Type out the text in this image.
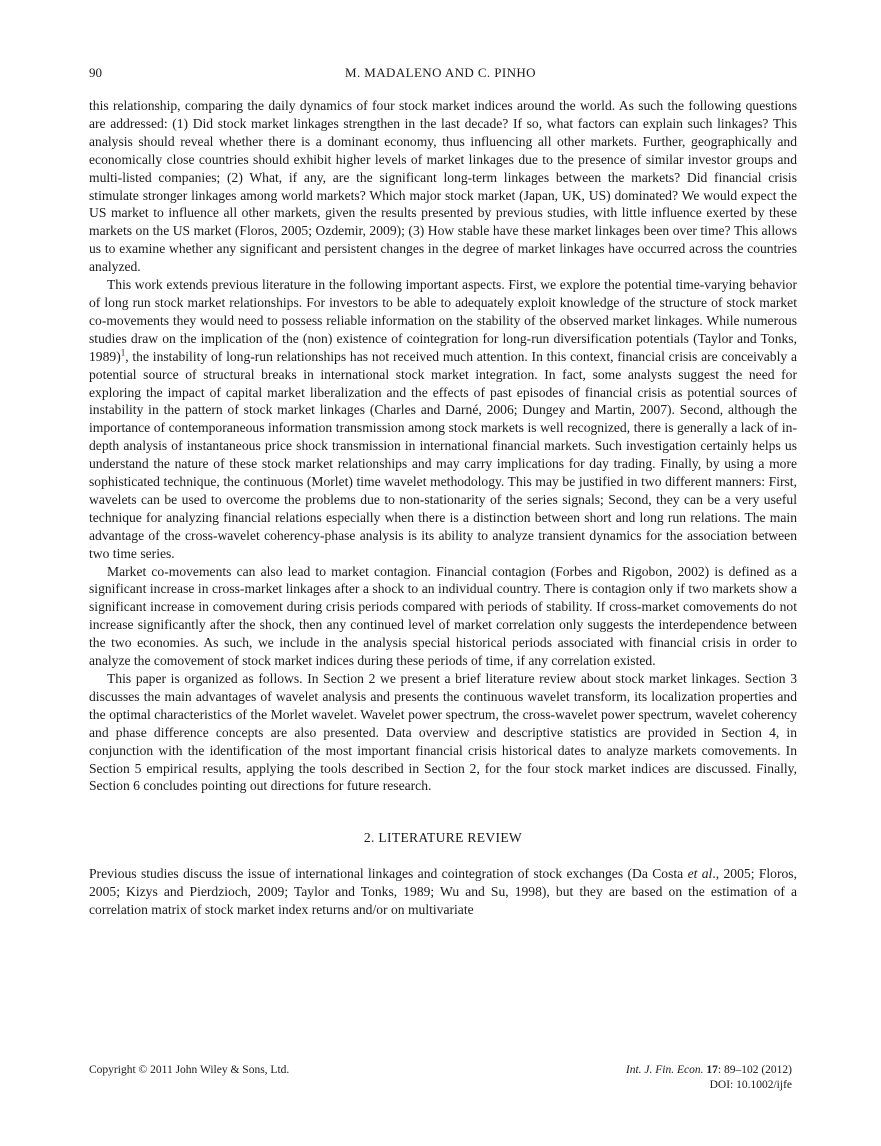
90	M. MADALENO AND C. PINHO

this relationship, comparing the daily dynamics of four stock market indices around the world. As such the following questions are addressed: (1) Did stock market linkages strengthen in the last decade? If so, what factors can explain such linkages? This analysis should reveal whether there is a dominant economy, thus influencing all other markets. Further, geographically and economically close countries should exhibit higher levels of market linkages due to the presence of similar investor groups and multi-listed companies; (2) What, if any, are the significant long-term linkages between the markets? Did financial crisis stimulate stronger linkages among world markets? Which major stock market (Japan, UK, US) dominated? We would expect the US market to influence all other markets, given the results presented by previous studies, with little influence exerted by these markets on the US market (Floros, 2005; Ozdemir, 2009); (3) How stable have these market linkages been over time? This allows us to examine whether any significant and persistent changes in the degree of market linkages have occurred across the countries analyzed.

This work extends previous literature in the following important aspects. First, we explore the potential time-varying behavior of long run stock market relationships. For investors to be able to adequately exploit knowledge of the structure of stock market co-movements they would need to possess reliable information on the stability of the observed market linkages. While numerous studies draw on the implication of the (non) existence of cointegration for long-run diversification potentials (Taylor and Tonks, 1989)$^1$, the instability of long-run relationships has not received much attention. In this context, financial crisis are conceivably a potential source of structural breaks in international stock market integration. In fact, some analysts suggest the need for exploring the impact of capital market liberalization and the effects of past episodes of financial crisis as potential sources of instability in the pattern of stock market linkages (Charles and Darné, 2006; Dungey and Martin, 2007). Second, although the importance of contemporaneous information transmission among stock markets is well recognized, there is generally a lack of in-depth analysis of instantaneous price shock transmission in international financial markets. Such investigation certainly helps us understand the nature of these stock market relationships and may carry implications for day trading. Finally, by using a more sophisticated technique, the continuous (Morlet) time wavelet methodology. This may be justified in two different manners: First, wavelets can be used to overcome the problems due to non-stationarity of the series signals; Second, they can be a very useful technique for analyzing financial relations especially when there is a distinction between short and long run relations. The main advantage of the cross-wavelet coherency-phase analysis is its ability to analyze transient dynamics for the association between two time series.

Market co-movements can also lead to market contagion. Financial contagion (Forbes and Rigobon, 2002) is defined as a significant increase in cross-market linkages after a shock to an individual country. There is contagion only if two markets show a significant increase in comovement during crisis periods compared with periods of stability. If cross-market comovements do not increase significantly after the shock, then any continued level of market correlation only suggests the interdependence between the two economies. As such, we include in the analysis special historical periods associated with financial crisis in order to analyze the comovement of stock market indices during these periods of time, if any correlation existed.

This paper is organized as follows. In Section 2 we present a brief literature review about stock market linkages. Section 3 discusses the main advantages of wavelet analysis and presents the continuous wavelet transform, its localization properties and the optimal characteristics of the Morlet wavelet. Wavelet power spectrum, the cross-wavelet power spectrum, wavelet coherency and phase difference concepts are also presented. Data overview and descriptive statistics are provided in Section 4, in conjunction with the identification of the most important financial crisis historical dates to analyze markets comovements. In Section 5 empirical results, applying the tools described in Section 2, for the four stock market indices are discussed. Finally, Section 6 concludes pointing out directions for future research.

2. LITERATURE REVIEW

Previous studies discuss the issue of international linkages and cointegration of stock exchanges (Da Costa et al., 2005; Floros, 2005; Kizys and Pierdzioch, 2009; Taylor and Tonks, 1989; Wu and Su, 1998), but they are based on the estimation of a correlation matrix of stock market index returns and/or on multivariate

Copyright © 2011 John Wiley & Sons, Ltd.	Int. J. Fin. Econ. 17: 89–102 (2012)
DOI: 10.1002/ijfe
